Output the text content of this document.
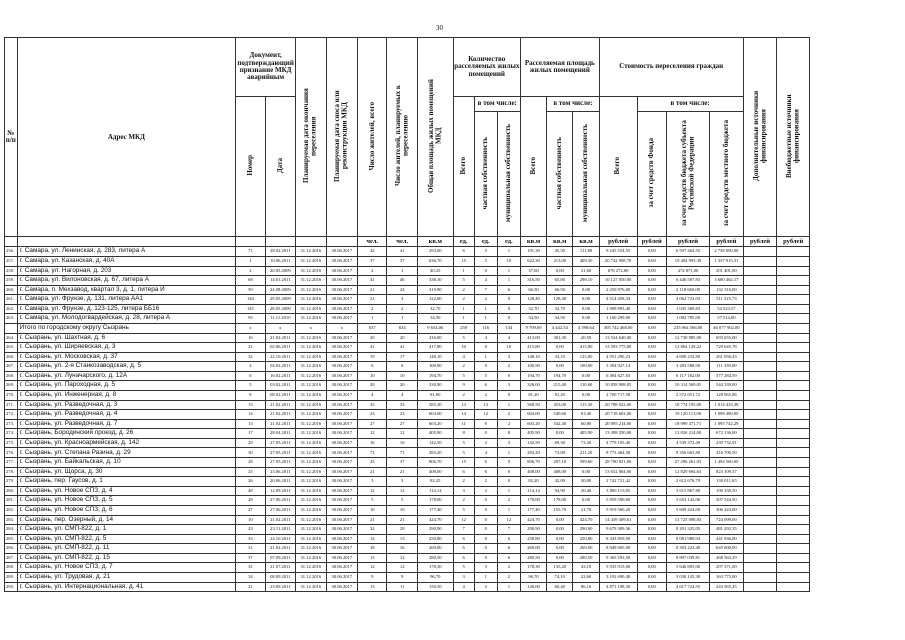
30
№ п/п	Адрес МКД	Документ, подтверждающий признание МКД аварийным		Планируемая дата окончания переселения	Планируемая дата сноса или реконструкции МКД	Число жителей, всего	Число жителей, планируемых к переселению	Общая площадь жилых помещений МКД	Количество расселяемых жилых помещений			Расселяемая площадь жилых помещений			Стоимость переселения граждан				Дополнительные источники финансирования	Внебюджетные источники финансирования
		Номер	Дата						Всего	в том числе:		Всего	в том числе:		Всего	в том числе:				
										частная собственность	муниципальная собственность		частная собственность	муниципальная собственность		за счет средств Фонда	за счет средств бюджета субъекта Российской Федерации	за счет средств местного бюджета		
						чел.	чел.	кв.м	ед.	ед.	ед.	кв.м	кв.м	кв.м	рублей	рублей	рублей	рублей	рублей	рублей
256.	г. Самара, ул. Ленинская, д. 283, литера А	71	28.02.2011	31.12.2016	30.06.2017	42	41	293,00	6	5	1	191,30	45,50	111,80	9 245 554,55	0,00	6 507 464,55	2 738 090,00		
257.	г. Самара, ул. Казанская, д. 40А	1	10.06.2011	31.12.2016	30.06.2017	37	37	636,70	15	5	10	622,30	213,00	409,30	20 742 908,70	0,00	19 404 993,39	1 337 915,31		
258.	г. Самара, ул. Нагорная, д. 203	2	20.05.2009	31.12.2016	30.06.2017	2	1	40,25	1	0	1	37,60	0,00	21,60	676 272,00	0,00	474 871,00	201 401,00		
259.	г. Самара, ул. Вилоновская, д. 67, литера А	68	14.01.2011	31.12.2016	30.06.2017	41	46	338,10	5	4	1	316,50	65,80	298,10	10 127 050,00	0,00	6 446 587,83	3 680 462,17		
260.	г. Самара, п. Мехзавод, квартал 3, д. 1, литера И	59	24.08.2009	31.12.2016	30.06.2017	21	24	319,90	2	7	6	66,50	66,50	0,00	2 250 976,00	0,00	2 118 660,00	132 316,00		
261.	г. Самара, ул. Фрунзе, д. 131, литера АА1	144	29.05.2009	31.12.2016	30.06.2017	21	3	122,00	2	2	0	128,40	128,40	0,00	4 514 458,33	0,00	4 062 722,03	511 525,73		
262.	г. Самара, ул. Фрунзе, д. 123-125, литера ББ16	145	28.05.2009	31.12.2016	30.06.2017	2	2	32,70	1	1	0	32,70	32,70	0,00	1 099 893,40	0,00	1 045 369,83	54 523,57		
263.	г. Самара, ул. Молодогвардейская, д. 28, литера А	95	11.11.2010	31.12.2016	30.06.2017	1	1	34,50	1	1	0	34,50	34,50	0,00	1 160 299,00	0,00	1 082 785,00	57 514,00		
	Итого по городскому округу Сызрань	x	x	x	x	637	634	9 654,06	250	116	134	9 709,69	4 442,54	4 598,64	305 742 468,00	0,00	235 064 566,00	46 077 902,00		
264.	г. Сызрань, ул. Шахтная, д. 6	16	21.02.2011	31.12.2016	30.06.2017	20	20	416,00	5	4	4	413,00	301,30	20,50	13 524 640,00	0,00	12 730 985,00	693 655,00		
265.	г. Сызрань, ул. Ширяевская, д. 3	21	02.06.2011	31.12.2016	30.06.2017	41	41	417,80	10	0	10	415,80	0,00	415,80	13 593 775,00	0,00	12 864 129,22	729 645,78		
266.	г. Сызрань, ул. Московская, д. 37	32	22.10.2011	31.12.2016	30.06.2017	19	17	148,10	4	1	3	148,10	33,10	125,00	4 951 290,23	0,00	4 690 233,80	261 056,43		
267.	г. Сызрань, ул. 2-я Станкозаводская, д. 5	4	04.02.2011	31.12.2016	30.06.2017	6	6	100,90	2	0	2	100,90	0,00	100,90	3 394 927,14	0,00	3 283 588,00	111 339,00		
268.	г. Сызрань, ул. Луначарского, д. 12А	6	16.02.2011	31.12.2016	30.06.2017	10	10	194,70	5	5	0	194,70	194,70	0,00	6 494 627,83	0,00	6 117 182,00	377 284,59		
269.	г. Сызрань, ул. Пароходная, д. 5	5	03.02.2011	31.12.2016	30.06.2017	20	20	330,90	9	6	3	326,00	215,40	110,60	10 858 908,05	0,00	10 314 569,05	544 339,00		
270.	г. Сызрань, ул. Инженерная, д. 8	8	08.02.2011	31.12.2016	30.06.2017	4	4	81,00	2	2	0	81,20	81,20	0,00	2 700 717,58	0,00	2 572 651,72	128 065,86		
271.	г. Сызрань, ул. Разведочная, д. 3	15	21.02.2011	31.12.2016	30.06.2017	33	33	585,30	13	13	1	568,50	453,00	115,50	20 788 022,00	0,00	18 774 195,00	1 014 433,38		
272.	г. Сызрань, ул. Разведочная, д. 4	14	21.02.2011	31.12.2016	30.06.2017	23	23	604,00	14	12	2	604,00	540,60	63,40	20 718 602,00	0,00	19 120 113,00	1 098 489,00		
273.	г. Сызрань, ул. Разведочная, д. 7	13	21.02.2011	31.12.2016	30.06.2017	27	27	603,20	11	9	2	603,20	542,40	60,80	20 095 214,00	0,00	18 999 471,71	1 095 742,29		
274.	г. Сызрань, Бородинский проезд, д. 26	17	28.04.2011	31.12.2016	30.06.2017	12	12	405,90	8	0	8	405,90	0,00	405,90	13 498 350,00	0,00	12 826 214,00	672 136,00		
275.	г. Сызрань, ул. Красноармейская, д. 142	29	27.05.2011	31.12.2016	30.06.2017	16	16	142,50	5	2	3	142,50	69,30	73,20	4 779 105,40	0,00	4 539 372,49	239 732,91		
276.	г. Сызрань, ул. Степана Разина, д. 29	30	27.05.2011	31.12.2016	30.06.2017	71	71	283,20	5	4	1	283,20	73,00	211,20	8 773 464,30	0,00	8 356 663,80	416 700,50		
277.	г. Сызрань, ул. Байкальская, д. 10	28	27.05.2011	31.12.2016	30.06.2017	45	37	806,70	15	6	9	806,70	207,10	599,60	28 790 821,00	0,00	27 296 261,03	1 494 560,00		
278.	г. Сызрань, ул. Щорса, д. 30	25	23.06.2011	31.12.2016	30.06.2017	21	21	408,00	6	6	0	408,00	408,00	0,00	13 652 804,00	0,00	12 829 694,63	823 109,37		
279.	г. Сызрань, пер. Гаусов, д. 1	26	20.06.2011	31.12.2016	30.06.2017	3	3	82,25	2	2	0	82,20	42,00	30,00	2 742 721,42	0,00	2 612 676,79	130 011,65		
280.	г. Сызрань, ул. Новое СПЗ, д. 4	48	12.09.2011	31.12.2016	30.06.2017	12	12	114,14	3	2	1	114,14	94,90	20,40	3 806 115,85	0,00	3 615 867,80	190 330,50		
281.	г. Сызрань, ул. Новое СПЗ, д. 5	28	27.06.2011	31.12.2016	30.06.2017	5	5	178,00	2	0	2	178,00	178,00	0,00	5 959 590,00	0,00	5 652 142,06	307 544,50		
282.	г. Сызрань, ул. Новое СПЗ, д. 6	27	27.06.2011	31.12.2016	30.06.2017	10	10	177,40	5	0	1	177,40	155,70	21,70	5 919 560,20	0,00	5 609 424,00	306 243,00		
283.	г. Сызрань, пер. Озерный, д. 14	10	21.02.2011	31.12.2016	30.06.2017	21	21	424,70	12	0	12	424,70	0,00	424,70	14 439 309,61	0,00	13 725 098,83	724 099,00		
284.	г. Сызрань, ул. СМП-822, д. 1	23	23.11.2011	31.12.2016	30.06.2017	32	29	290,90	7	0	7	290,90	0,00	290,90	9 679 309,36	0,00	9 201 325,05	481 292,35		
285.	г. Сызрань, ул. СМП-822, д. 5	33	24.10.2011	31.12.2016	30.06.2017	14	13	250,80	6	0	6	250,80	0,00	250,80	8 343 859,00	0,00	8 081 980,04	441 936,00		
286.	г. Сызрань, ул. СМП-822, д. 11	31	21.02.2011	31.12.2016	30.06.2017	18	16	269,00	6	0	6	269,00	0,00	269,00	8 949 005,00	0,00	8 303 223,40	645 600,00		
287.	г. Сызрань, ул. СМП-822, д. 15	37	07.09.2011	31.12.2016	30.06.2017	13	12	280,50	6	0	6	280,50	0,00	280,50	9 365 593,50	0,00	8 897 039,81	468 563,29		
288.	г. Сызрань, ул. Новое СПЗ, д. 7	31	21.07.2011	31.12.2016	30.06.2017	12	12	178,30	5	3	2	178,30	135,20	43,10	5 935 915,00	0,00	5 646 805,00	297 371,00		
289.	г. Сызрань, ул. Трудовая, д. 21	34	08.09.2011	31.12.2016	30.06.2017	9	9	96,70	3	1	2	96,70	74,10	22,60	3 192 690,40	0,00	3 030 125,38	163 775,00		
290.	г. Сызрань, ул. Интернациональная, д. 41	21	23.09.2011	31.12.2016	30.06.2017	13	11	150,50	4	3	1	140,00	60,40	86,10	4 871 108,30	0,00	4 617 722,55	243 565,45		
